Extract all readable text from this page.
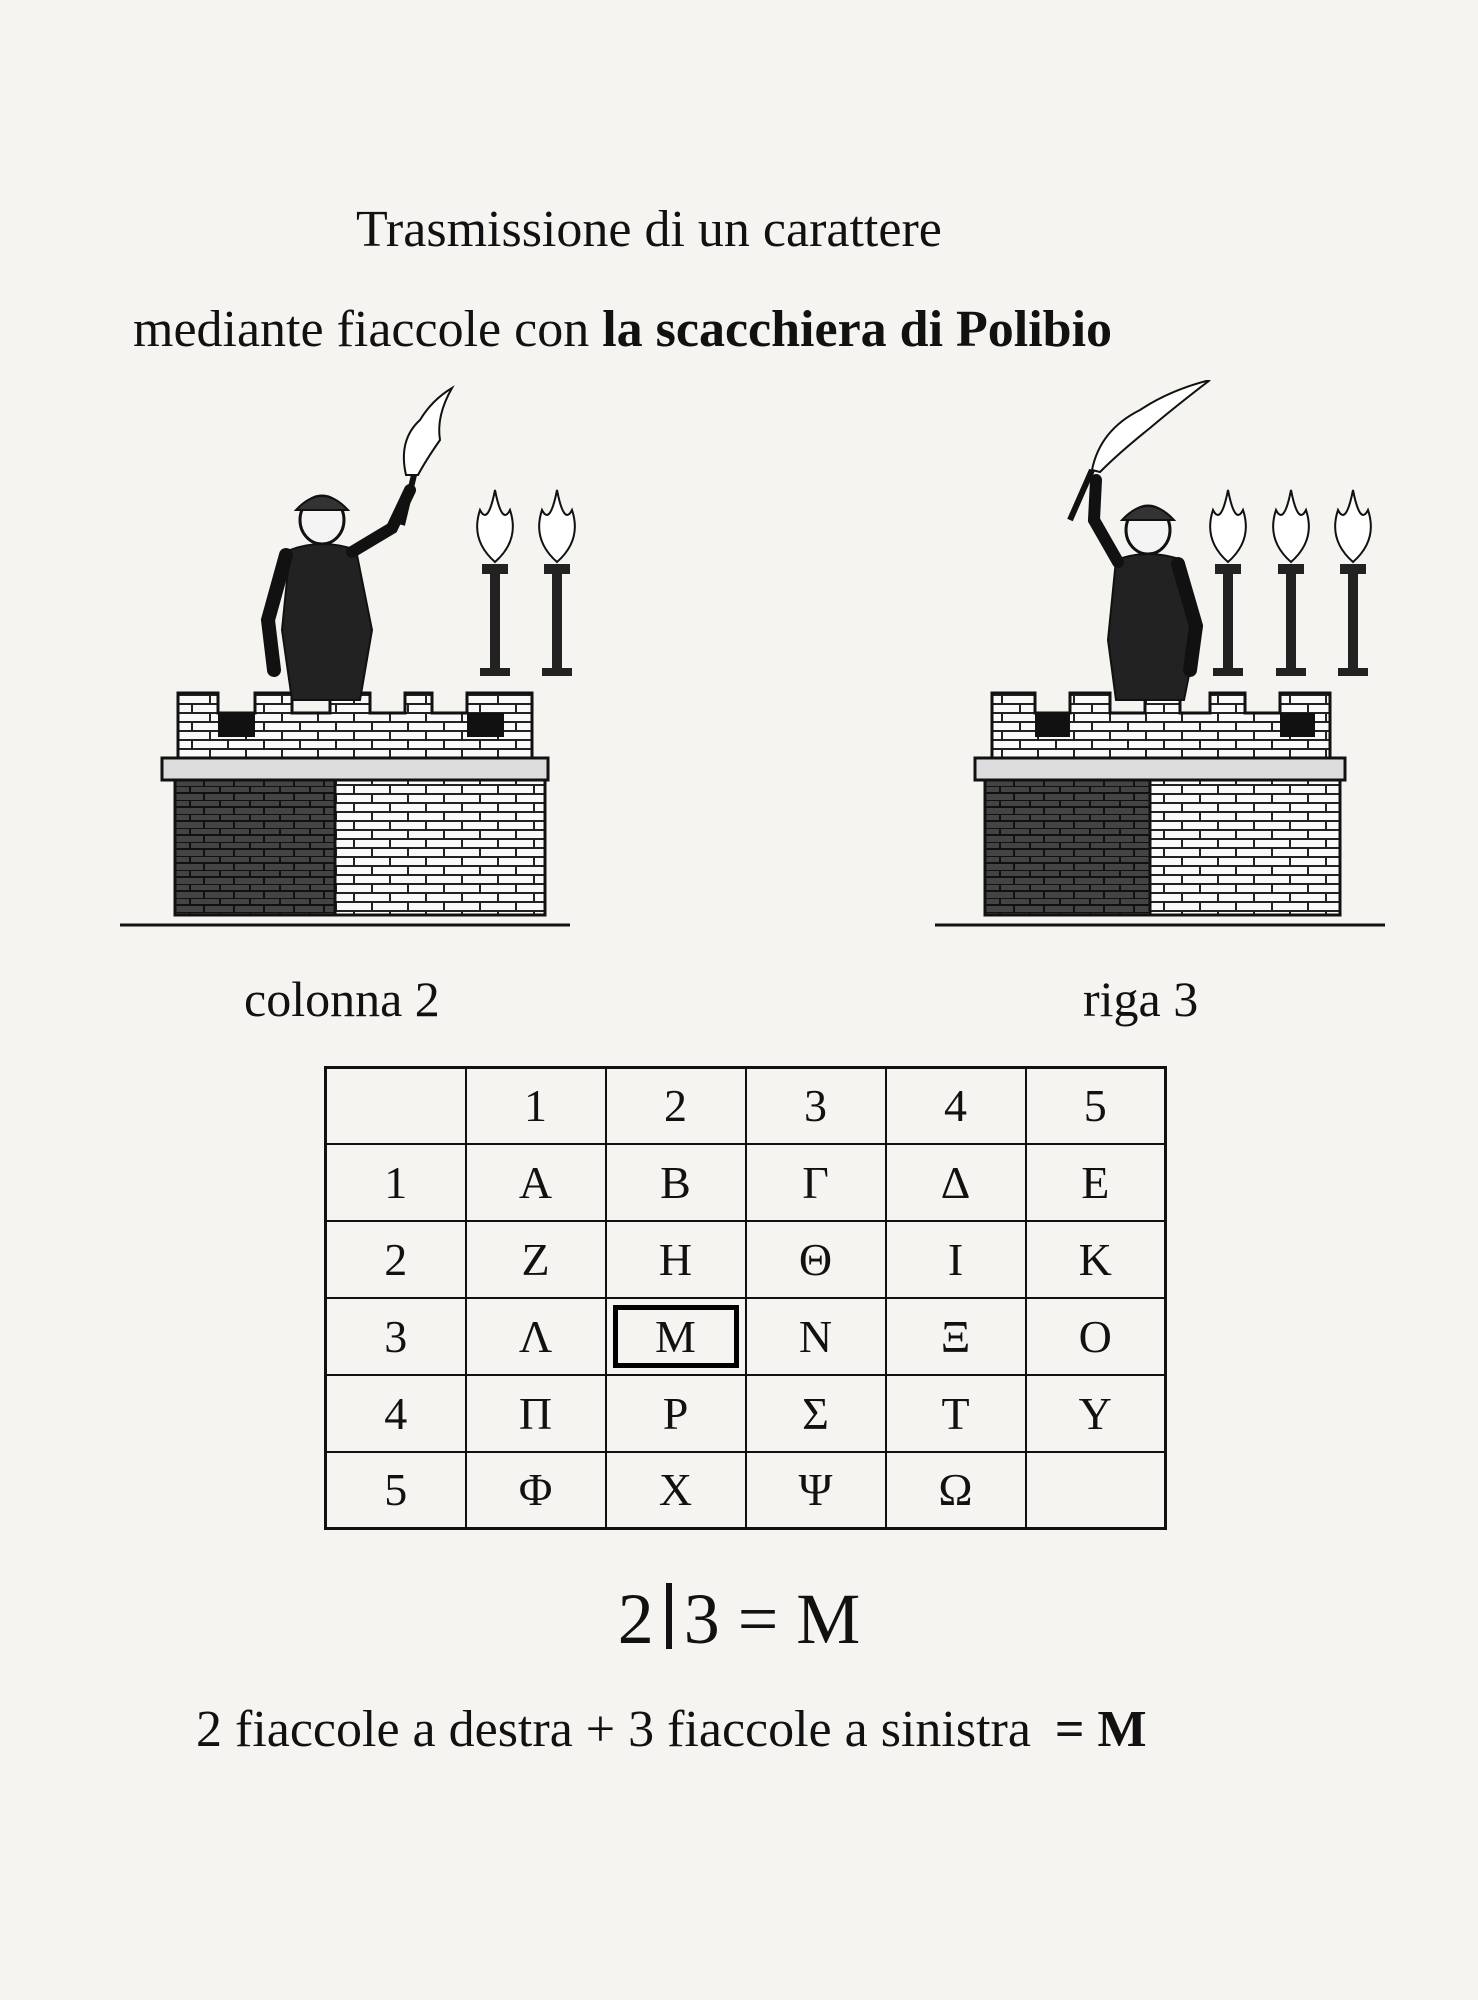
Trasmissione di un carattere
mediante fiaccole con la scacchiera di Polibio
colonna 2	riga 3
	1	2	3	4	5
1	Α	Β	Γ	Δ	Ε
2	Ζ	Η	Θ	Ι	Κ
3	Λ	Μ	Ν	Ξ	Ο
4	Π	Ρ	Σ	Τ	Υ
5	Φ	Χ	Ψ	Ω	
2 3 = Μ
2 fiaccole a destra + 3 fiaccole a sinistra = Μ
